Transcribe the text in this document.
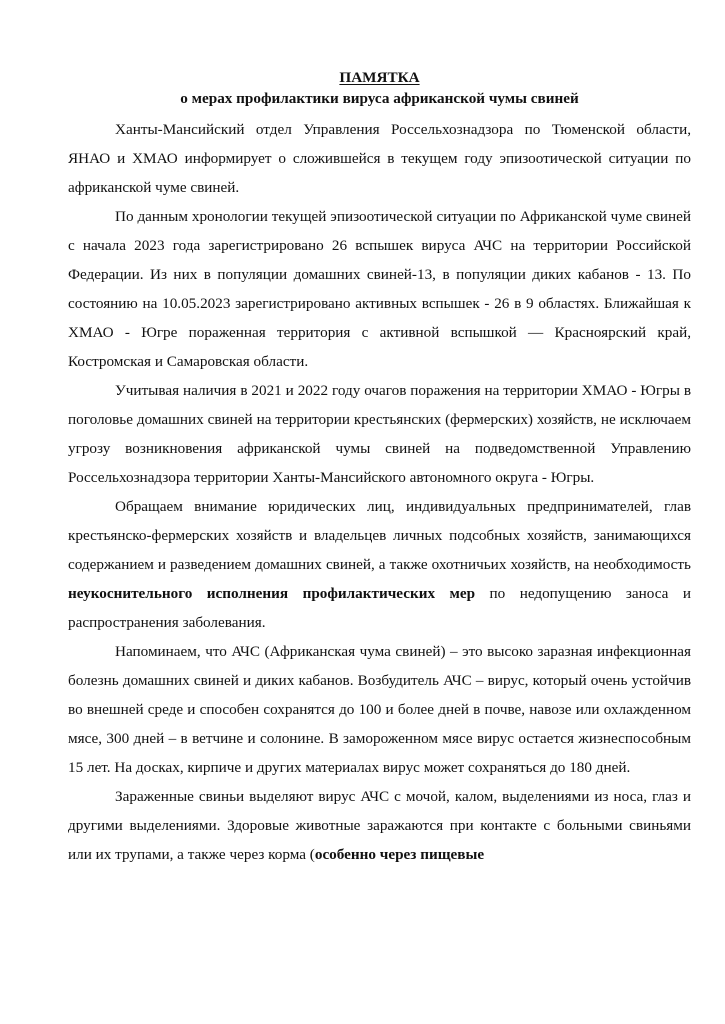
ПАМЯТКА

о мерах профилактики вируса африканской чумы свиней

Ханты-Мансийский отдел Управления Россельхознадзора по Тюменской области, ЯНАО и ХМАО информирует о сложившейся в текущем году эпизоотической ситуации по африканской чуме свиней.

По данным хронологии текущей эпизоотической ситуации по Африканской чуме свиней с начала 2023 года зарегистрировано 26 вспышек вируса АЧС на территории Российской Федерации. Из них в популяции домашних свиней-13, в популяции диких кабанов - 13. По состоянию на 10.05.2023 зарегистрировано активных вспышек - 26 в 9 областях. Ближайшая к ХМАО - Югре пораженная территория с активной вспышкой — Красноярский край, Костромская и Самаровская области.

Учитывая наличия в 2021 и 2022 году очагов поражения на территории ХМАО - Югры в поголовье домашних свиней на территории крестьянских (фермерских) хозяйств, не исключаем угрозу возникновения африканской чумы свиней на подведомственной Управлению Россельхознадзора территории Ханты-Мансийского автономного округа - Югры.

Обращаем внимание юридических лиц, индивидуальных предпринимателей, глав крестьянско-фермерских хозяйств и владельцев личных подсобных хозяйств, занимающихся содержанием и разведением домашних свиней, а также охотничьих хозяйств, на необходимость неукоснительного исполнения профилактических мер по недопущению заноса и распространения заболевания.

Напоминаем, что АЧС (Африканская чума свиней) – это высоко заразная инфекционная болезнь домашних свиней и диких кабанов. Возбудитель АЧС – вирус, который очень устойчив во внешней среде и способен сохранятся до 100 и более дней в почве, навозе или охлажденном мясе, 300 дней – в ветчине и солонине. В замороженном мясе вирус остается жизнеспособным 15 лет. На досках, кирпиче и других материалах вирус может сохраняться до 180 дней.

Зараженные свиньи выделяют вирус АЧС с мочой, калом, выделениями из носа, глаз и другими выделениями. Здоровые животные заражаются при контакте с больными свиньями или их трупами, а также через корма (особенно через пищевые
